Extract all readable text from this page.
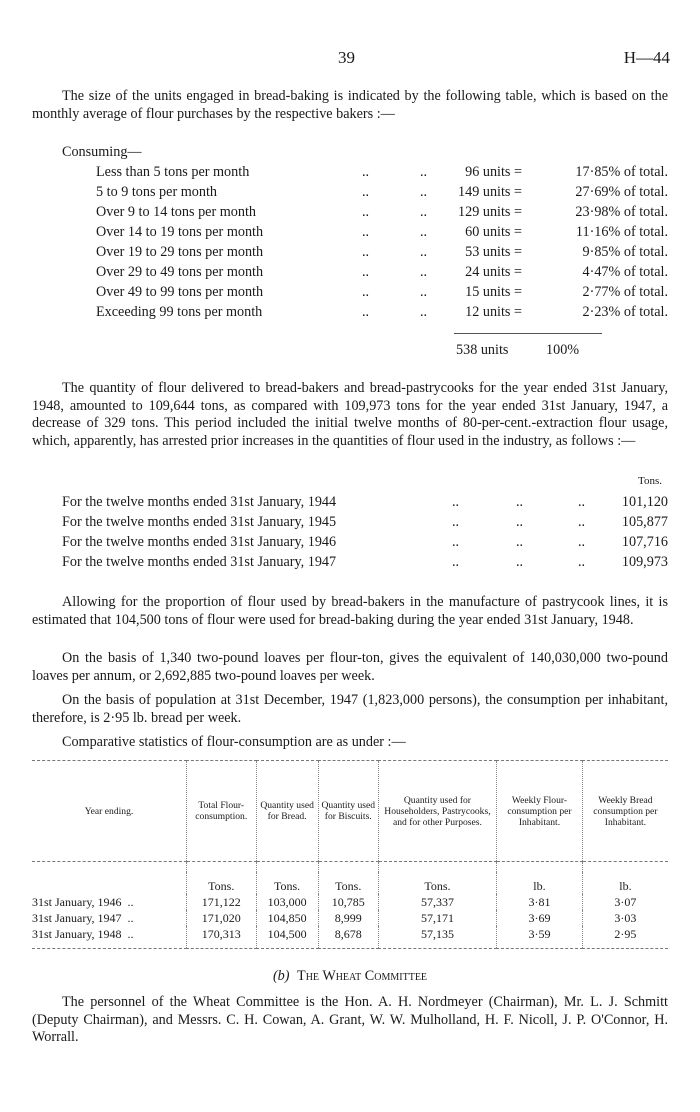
39	H—44

The size of the units engaged in bread-baking is indicated by the following table, which is based on the monthly average of flour purchases by the respective bakers :—

Consuming—
Less than 5 tons per month	..	..	96 units =	17·85% of total.
5 to 9 tons per month	..	.. 149 units =	27·69% of total.
Over 9 to 14 tons per month	..	.. 129 units =	23·98% of total.
Over 14 to 19 tons per month	..	..	60 units =	11·16% of total.
Over 19 to 29 tons per month	..	..	53 units =	9·85% of total.
Over 29 to 49 tons per month	..	..	24 units =	4·47% of total.
Over 49 to 99 tons per month	..	..	15 units =	2·77% of total.
Exceeding 99 tons per month	..	..	12 units =	2·23% of total.
538 units	100%

The quantity of flour delivered to bread-bakers and bread-pastrycooks for the year ended 31st January, 1948, amounted to 109,644 tons, as compared with 109,973 tons for the year ended 31st January, 1947, a decrease of 329 tons. This period included the initial twelve months of 80-per-cent.-extraction flour usage, which, apparently, has arrested prior increases in the quantities of flour used in the industry, as follows :—

Tons.
For the twelve months ended 31st January, 1944	..	..	..	101,120
For the twelve months ended 31st January, 1945	..	..	..	105,877
For the twelve months ended 31st January, 1946	..	..	..	107,716
For the twelve months ended 31st January, 1947	..	..	..	109,973

Allowing for the proportion of flour used by bread-bakers in the manufacture of pastrycook lines, it is estimated that 104,500 tons of flour were used for bread-baking during the year ended 31st January, 1948.

On the basis of 1,340 two-pound loaves per flour-ton, gives the equivalent of 140,030,000 two-pound loaves per annum, or 2,692,885 two-pound loaves per week.

On the basis of population at 31st December, 1947 (1,823,000 persons), the consumption per inhabitant, therefore, is 2·95 lb. bread per week.

Comparative statistics of flour-consumption are as under :—

Year ending.	Total Flour-consumption.	Quantity used for Bread.	Quantity used for Biscuits.	Quantity used for Householders, Pastrycooks, and for other Purposes.	Weekly Flour-consumption per Inhabitant.	Weekly Bread consumption per Inhabitant.

	Tons.	Tons.	Tons.	Tons.	lb.	lb.
31st January, 1946 ..	171,122	103,000	10,785	57,337	3·81	3·07
31st January, 1947 ..	171,020	104,850	8,999	57,171	3·69	3·03
31st January, 1948 ..	170,313	104,500	8,678	57,135	3·59	2·95
(b) The Wheat Committee

The personnel of the Wheat Committee is the Hon. A. H. Nordmeyer (Chairman), Mr. L. J. Schmitt (Deputy Chairman), and Messrs. C. H. Cowan, A. Grant, W. W. Mulholland, H. F. Nicoll, J. P. O'Connor, H. Worrall.
